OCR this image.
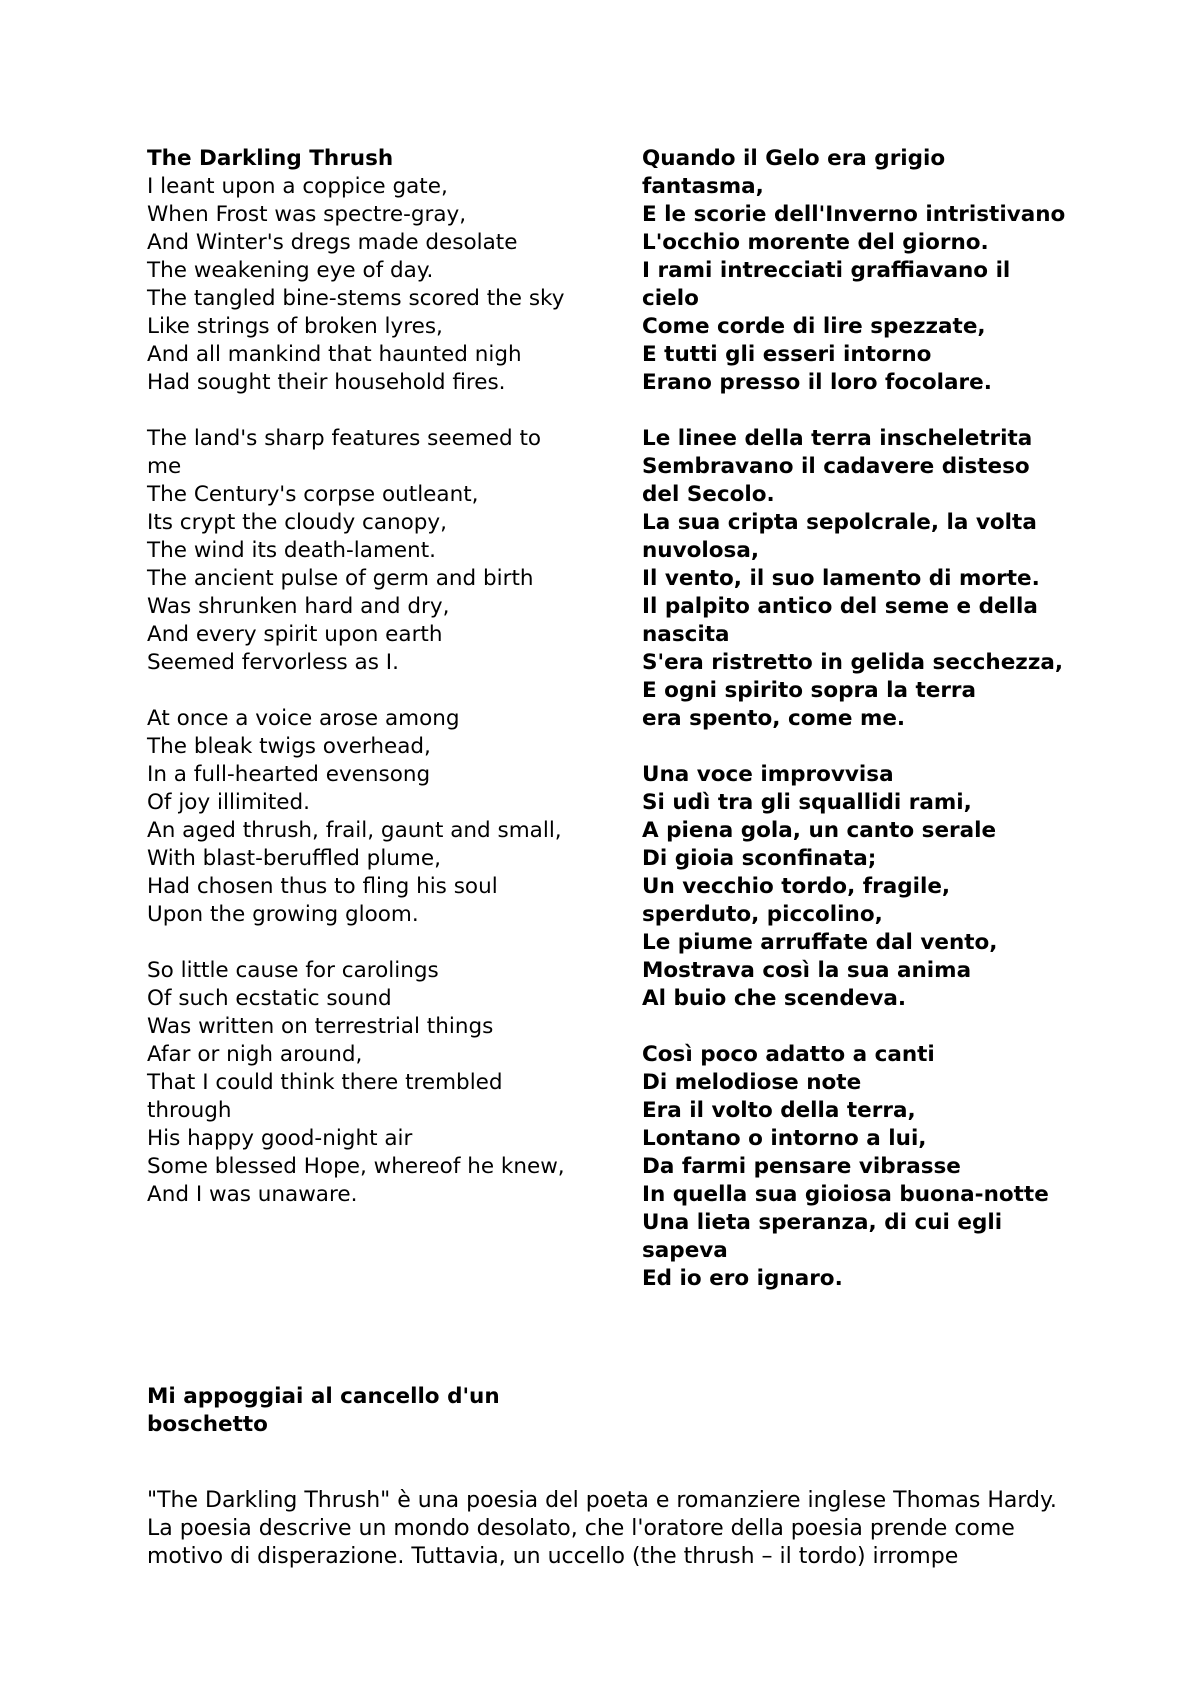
The Darkling Thrush
I leant upon a coppice gate,
When Frost was spectre-gray,
And Winter's dregs made desolate
The weakening eye of day.
The tangled bine-stems scored the sky
Like strings of broken lyres,
And all mankind that haunted nigh
Had sought their household fires.
The land's sharp features seemed to me
The Century's corpse outleant,
Its crypt the cloudy canopy,
The wind its death-lament.
The ancient pulse of germ and birth
Was shrunken hard and dry,
And every spirit upon earth
Seemed fervorless as I.
At once a voice arose among
The bleak twigs overhead,
In a full-hearted evensong
Of joy illimited.
An aged thrush, frail, gaunt and small,
With blast-beruffled plume,
Had chosen thus to fling his soul
Upon the growing gloom.
So little cause for carolings
Of such ecstatic sound
Was written on terrestrial things
Afar or nigh around,
That I could think there trembled through
His happy good-night air
Some blessed Hope, whereof he knew,
And I was unaware.
Quando il Gelo era grigio fantasma,
E le scorie dell'Inverno intristivano
L'occhio morente del giorno.
I rami intrecciati graffiavano il cielo
Come corde di lire spezzate,
E tutti gli esseri intorno
Erano presso il loro focolare.
Le linee della terra inscheletrita
Sembravano il cadavere disteso del Secolo.
La sua cripta sepolcrale, la volta nuvolosa,
Il vento, il suo lamento di morte.
Il palpito antico del seme e della nascita
S'era ristretto in gelida secchezza,
E ogni spirito sopra la terra
era spento, come me.
Una voce improvvisa
Si udì tra gli squallidi rami,
A piena gola, un canto serale
Di gioia sconfinata;
Un vecchio tordo, fragile, sperduto, piccolino,
Le piume arruffate dal vento,
Mostrava così la sua anima
Al buio che scendeva.
Così poco adatto a canti
Di melodiose note
Era il volto della terra,
Lontano o intorno a lui,
Da farmi pensare vibrasse
In quella sua gioiosa buona-notte
Una lieta speranza, di cui egli sapeva
Ed io ero ignaro.
Mi appoggiai al cancello d'un boschetto
"The Darkling Thrush" è una poesia del poeta e romanziere inglese Thomas Hardy. La poesia descrive un mondo desolato, che l'oratore della poesia prende come motivo di disperazione. Tuttavia, un uccello (the thrush – il tordo) irrompe
